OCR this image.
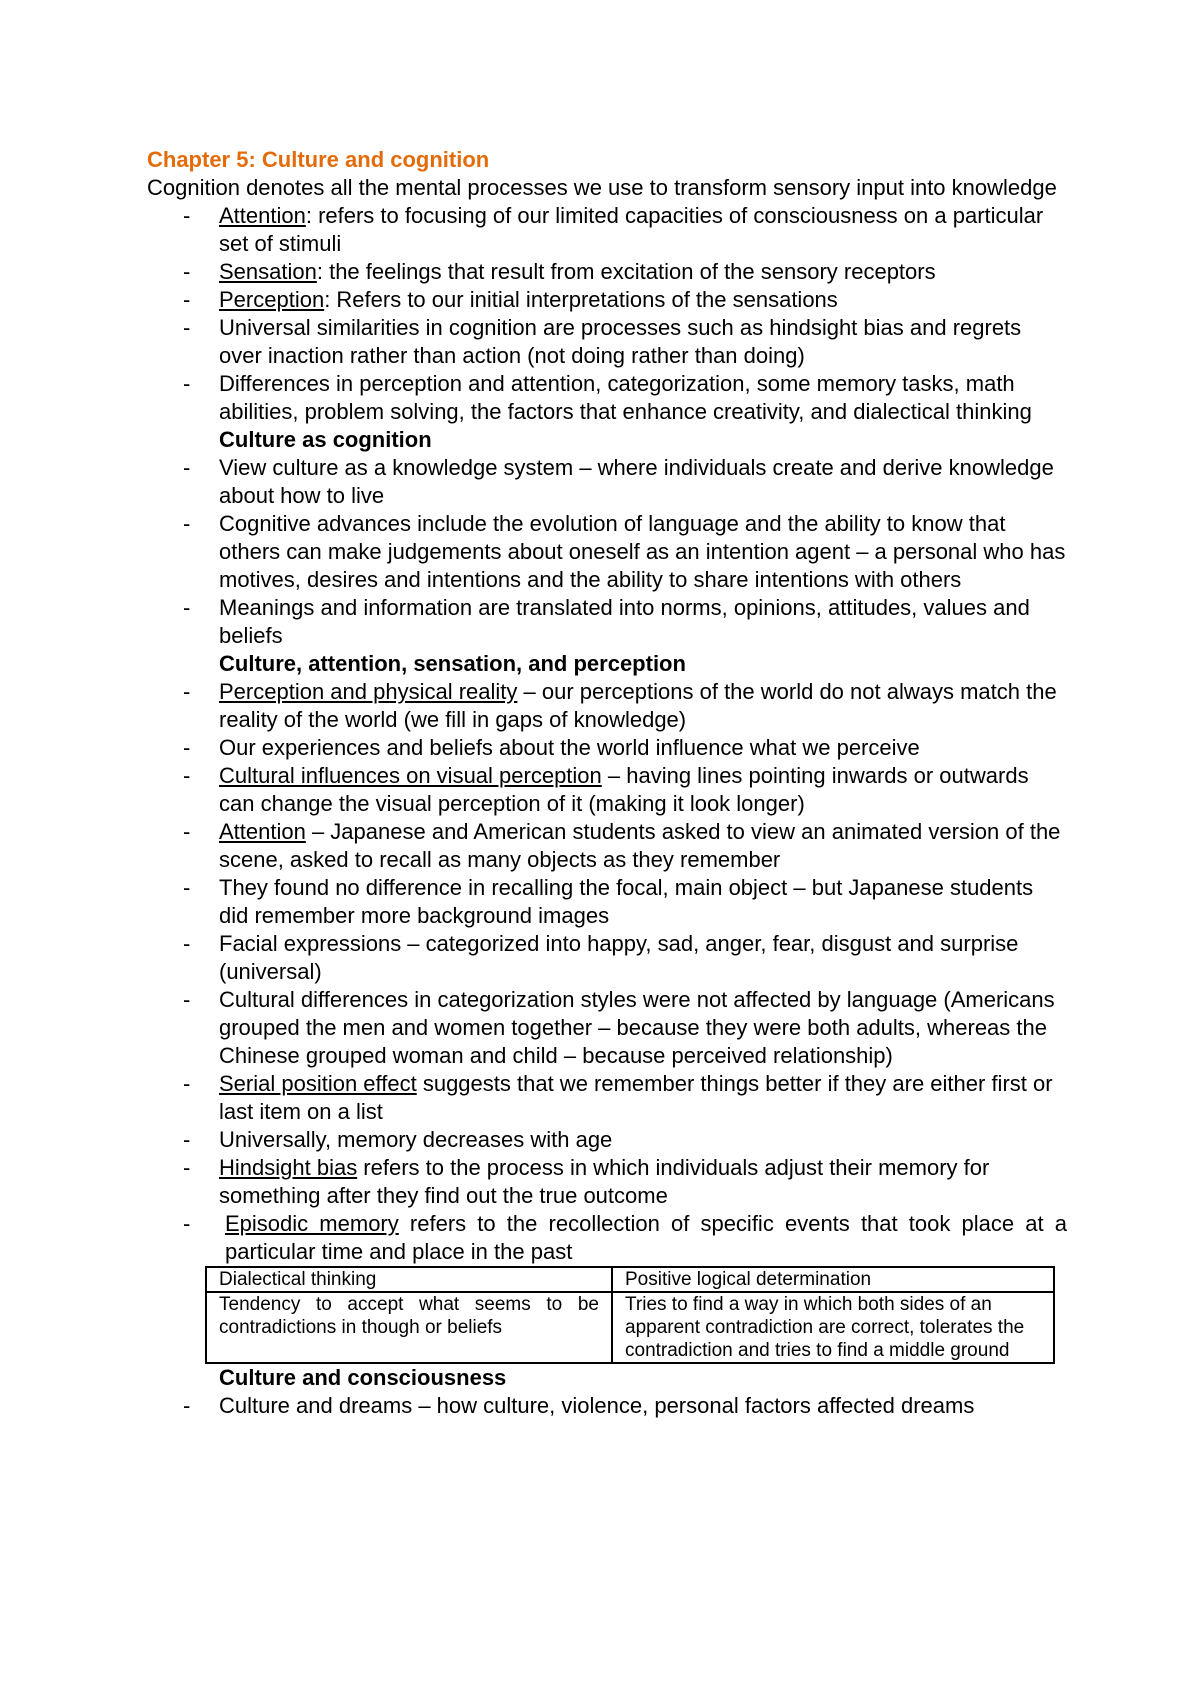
Chapter 5: Culture and cognition

Cognition denotes all the mental processes we use to transform sensory input into knowledge

- Attention: refers to focusing of our limited capacities of consciousness on a particular set of stimuli
- Sensation: the feelings that result from excitation of the sensory receptors
- Perception: Refers to our initial interpretations of the sensations
- Universal similarities in cognition are processes such as hindsight bias and regrets over inaction rather than action (not doing rather than doing)
- Differences in perception and attention, categorization, some memory tasks, math abilities, problem solving, the factors that enhance creativity, and dialectical thinking

Culture as cognition

- View culture as a knowledge system – where individuals create and derive knowledge about how to live
- Cognitive advances include the evolution of language and the ability to know that others can make judgements about oneself as an intention agent – a personal who has motives, desires and intentions and the ability to share intentions with others
- Meanings and information are translated into norms, opinions, attitudes, values and beliefs

Culture, attention, sensation, and perception

- Perception and physical reality – our perceptions of the world do not always match the reality of the world (we fill in gaps of knowledge)
- Our experiences and beliefs about the world influence what we perceive
- Cultural influences on visual perception – having lines pointing inwards or outwards can change the visual perception of it (making it look longer)
- Attention – Japanese and American students asked to view an animated version of the scene, asked to recall as many objects as they remember
- They found no difference in recalling the focal, main object – but Japanese students did remember more background images
- Facial expressions – categorized into happy, sad, anger, fear, disgust and surprise (universal)
- Cultural differences in categorization styles were not affected by language (Americans grouped the men and women together – because they were both adults, whereas the Chinese grouped woman and child – because perceived relationship)
- Serial position effect suggests that we remember things better if they are either first or last item on a list
- Universally, memory decreases with age
- Hindsight bias refers to the process in which individuals adjust their memory for something after they find out the true outcome
- Episodic memory refers to the recollection of specific events that took place at a particular time and place in the past
Dialectical thinking	Positive logical determination
Tendency to accept what seems to be contradictions in though or beliefs	Tries to find a way in which both sides of an apparent contradiction are correct, tolerates the contradiction and tries to find a middle ground

Culture and consciousness

- Culture and dreams – how culture, violence, personal factors affected dreams
